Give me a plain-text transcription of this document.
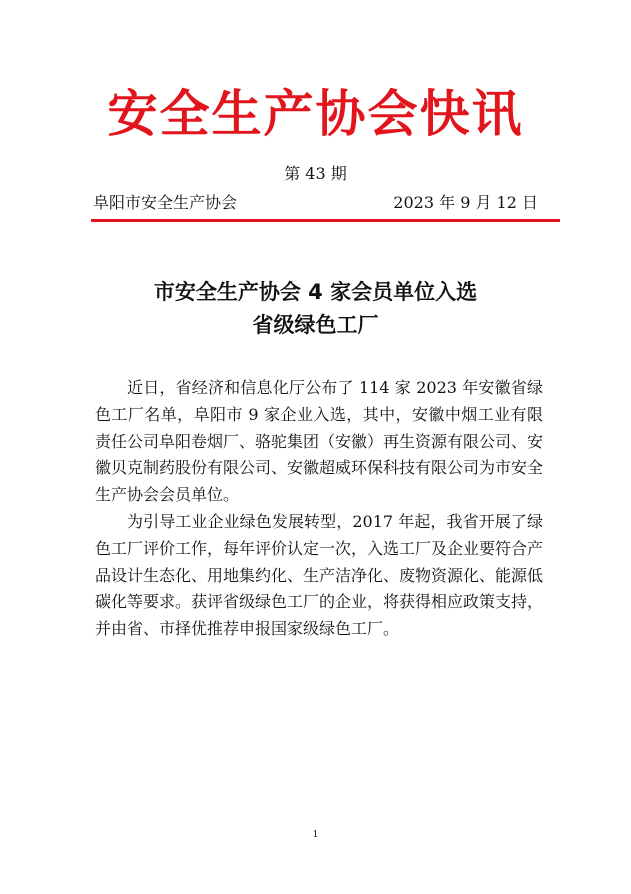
安全生产协会快讯
第 43 期
阜阳市安全生产协会	2023 年 9 月 12 日
市安全生产协会 4 家会员单位入选
省级绿色工厂

近日，省经济和信息化厅公布了 114 家 2023 年安徽省绿色工厂名单，阜阳市 9 家企业入选，其中，安徽中烟工业有限责任公司阜阳卷烟厂、骆驼集团（安徽）再生资源有限公司、安徽贝克制药股份有限公司、安徽超威环保科技有限公司为市安全生产协会会员单位。

为引导工业企业绿色发展转型，2017 年起，我省开展了绿色工厂评价工作，每年评价认定一次，入选工厂及企业要符合产品设计生态化、用地集约化、生产洁净化、废物资源化、能源低碳化等要求。获评省级绿色工厂的企业，将获得相应政策支持，并由省、市择优推荐申报国家级绿色工厂。

1
